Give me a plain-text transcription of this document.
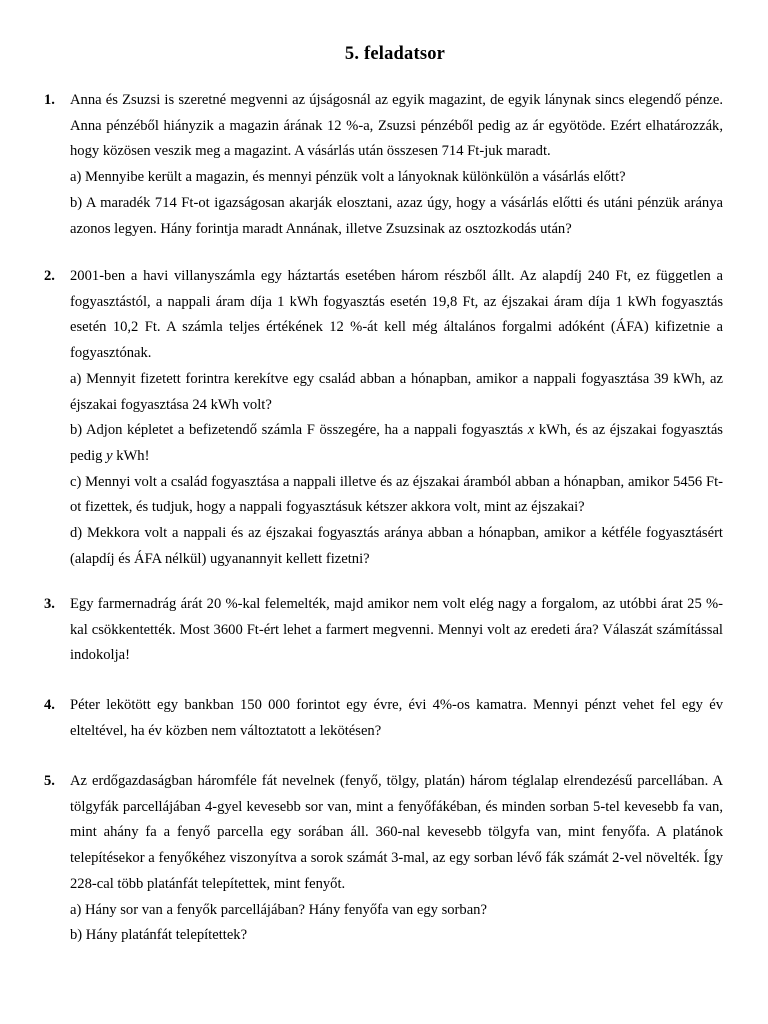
5. feladatsor
1. Anna és Zsuzsi is szeretné megvenni az újságosnál az egyik magazint, de egyik lánynak sincs elegendő pénze. Anna pénzéből hiányzik a magazin árának 12 %-a, Zsuzsi pénzéből pedig az ár egyötöde. Ezért elhatározzák, hogy közösen veszik meg a magazint. A vásárlás után összesen 714 Ft-juk maradt.

a) Mennyibe került a magazin, és mennyi pénzük volt a lányoknak különkülön a vásárlás előtt?

b) A maradék 714 Ft-ot igazságosan akarják elosztani, azaz úgy, hogy a vásárlás előtti és utáni pénzük aránya azonos legyen. Hány forintja maradt Annának, illetve Zsuzsinak az osztozkodás után?

2. 2001-ben a havi villanyszámla egy háztartás esetében három részből állt. Az alapdíj 240 Ft, ez független a fogyasztástól, a nappali áram díja 1 kWh fogyasztás esetén 19,8 Ft, az éjszakai áram díja 1 kWh fogyasztás esetén 10,2 Ft. A számla teljes értékének 12 %-át kell még általános forgalmi adóként (ÁFA) kifizetnie a fogyasztónak.

a) Mennyit fizetett forintra kerekítve egy család abban a hónapban, amikor a nappali fogyasztása 39 kWh, az éjszakai fogyasztása 24 kWh volt?

b) Adjon képletet a befizetendő számla F összegére, ha a nappali fogyasztás x kWh, és az éjszakai fogyasztás pedig y kWh!

c) Mennyi volt a család fogyasztása a nappali illetve és az éjszakai áramból abban a hónapban, amikor 5456 Ft-ot fizettek, és tudjuk, hogy a nappali fogyasztásuk kétszer akkora volt, mint az éjszakai?

d) Mekkora volt a nappali és az éjszakai fogyasztás aránya abban a hónapban, amikor a kétféle fogyasztásért (alapdíj és ÁFA nélkül) ugyanannyit kellett fizetni?

3. Egy farmernadrág árát 20 %-kal felemelték, majd amikor nem volt elég nagy a forgalom, az utóbbi árat 25 %-kal csökkentették. Most 3600 Ft-ért lehet a farmert megvenni. Mennyi volt az eredeti ára? Válaszát számítással indokolja!

4. Péter lekötött egy bankban 150 000 forintot egy évre, évi 4%-os kamatra. Mennyi pénzt vehet fel egy év elteltével, ha év közben nem változtatott a lekötésen?

5. Az erdőgazdaságban háromféle fát nevelnek (fenyő, tölgy, platán) három téglalap elrendezésű parcellában. A tölgyfák parcellájában 4-gyel kevesebb sor van, mint a fenyőfákéban, és minden sorban 5-tel kevesebb fa van, mint ahány fa a fenyő parcella egy sorában áll. 360-nal kevesebb tölgyfa van, mint fenyőfa. A platánok telepítésekor a fenyőkéhez viszonyítva a sorok számát 3-mal, az egy sorban lévő fák számát 2-vel növelték. Így 228-cal több platánfát telepítettek, mint fenyőt.

a) Hány sor van a fenyők parcellájában? Hány fenyőfa van egy sorban?

b) Hány platánfát telepítettek?
